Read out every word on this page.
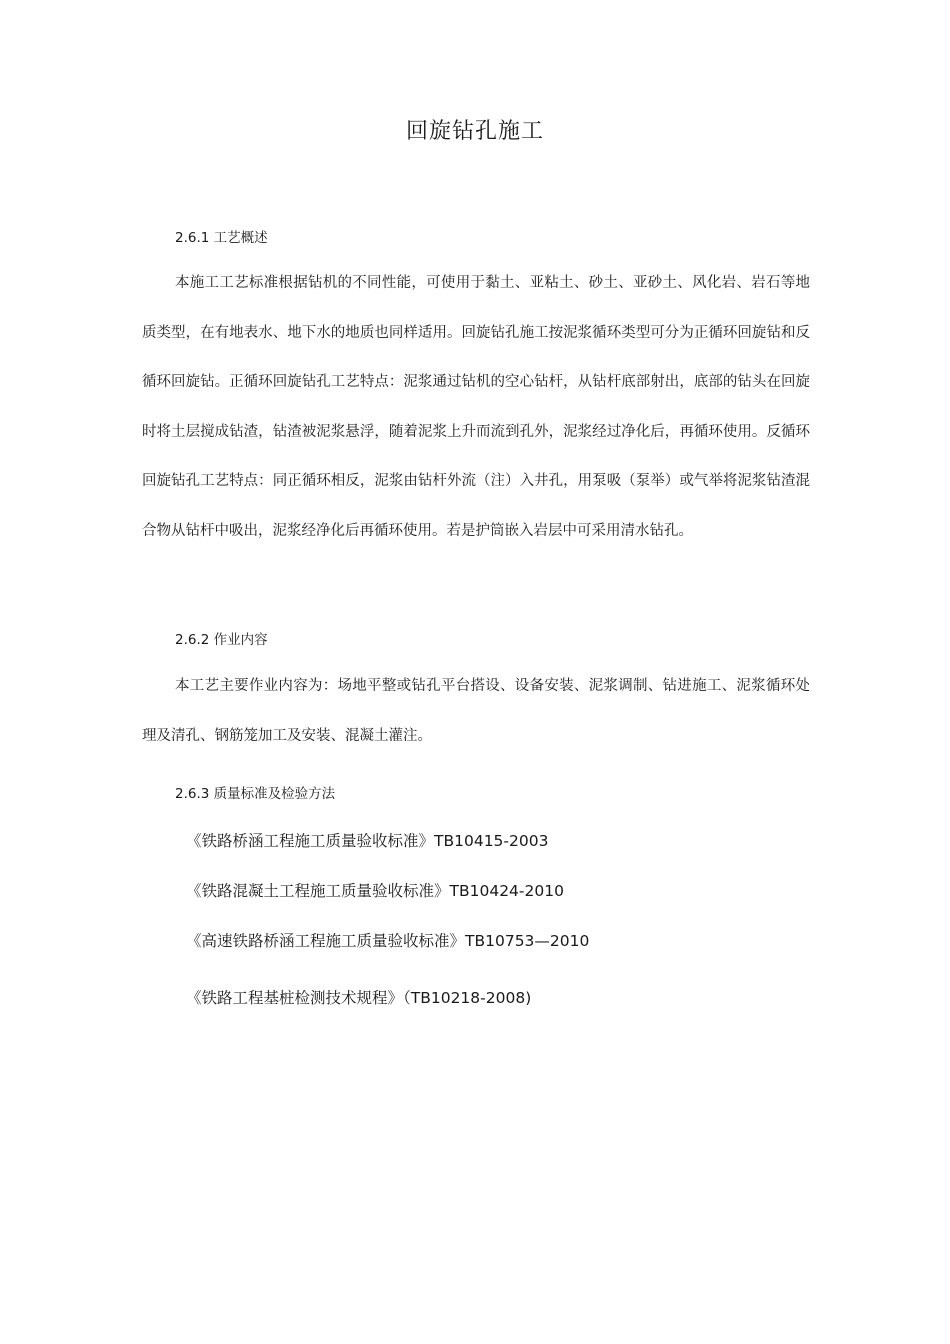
回旋钻孔施工
2.6.1 工艺概述

本施工工艺标准根据钻机的不同性能，可使用于黏土、亚粘土、砂土、亚砂土、风化岩、岩石等地质类型，在有地表水、地下水的地质也同样适用。回旋钻孔施工按泥浆循环类型可分为正循环回旋钻和反循环回旋钻。正循环回旋钻孔工艺特点：泥浆通过钻机的空心钻杆，从钻杆底部射出，底部的钻头在回旋时将土层搅成钻渣，钻渣被泥浆悬浮，随着泥浆上升而流到孔外，泥浆经过净化后，再循环使用。反循环回旋钻孔工艺特点：同正循环相反，泥浆由钻杆外流（注）入井孔，用泵吸（泵举）或气举将泥浆钻渣混合物从钻杆中吸出，泥浆经净化后再循环使用。若是护筒嵌入岩层中可采用清水钻孔。

2.6.2 作业内容

本工艺主要作业内容为：场地平整或钻孔平台搭设、设备安装、泥浆调制、钻进施工、泥浆循环处理及清孔、钢筋笼加工及安装、混凝土灌注。

2.6.3 质量标准及检验方法
《铁路桥涵工程施工质量验收标准》TB10415-2003
《铁路混凝土工程施工质量验收标准》TB10424-2010
《高速铁路桥涵工程施工质量验收标准》TB10753—2010
《铁路工程基桩检测技术规程》（TB10218-2008)
